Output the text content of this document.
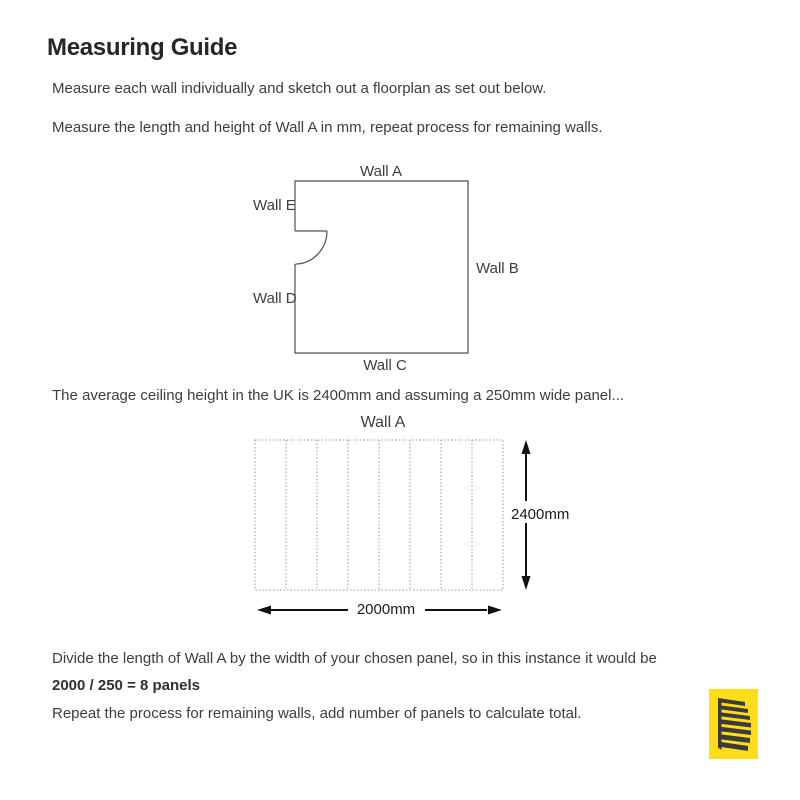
Measuring Guide
Measure each wall individually and sketch out a floorplan as set out below.
Measure the length and height of Wall A in mm, repeat process for remaining walls.
Wall A
Wall E
Wall B
Wall D
Wall C
The average ceiling height in the UK is 2400mm and assuming a 250mm wide panel...
Wall A
2400mm
2000mm
Divide the length of Wall A by the width of your chosen panel, so in this instance it would be
2000 / 250 = 8 panels
Repeat the process for remaining walls, add number of panels to calculate total.
